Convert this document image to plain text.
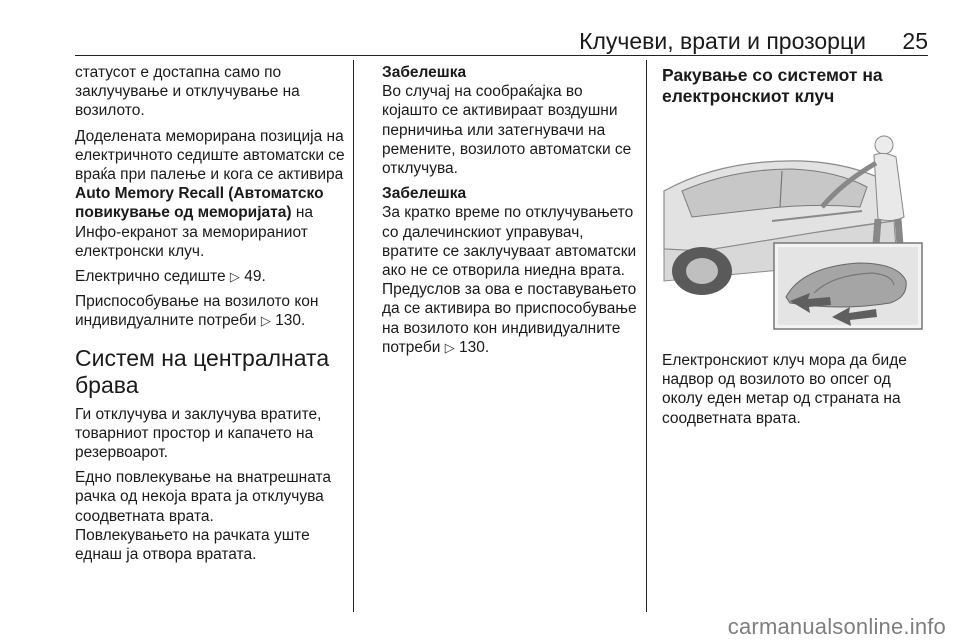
Клучеви, врати и прозорци 25

статусот е достапна само по заклучување и отклучување на возилото.

Доделената меморирана позиција на електричното седиште автоматски се враќа при палење и кога се активира Auto Memory Recall (Автоматско повикување од меморијата) на Инфо-екранот за меморираниот електронски клуч.

Електрично седиште ▷ 49.

Приспособување на возилото кон индивидуалните потреби ▷ 130.

Систем на централната брава

Ги отклучува и заклучува вратите, товарниот простор и капачето на резервоарот.

Едно повлекување на внатрешната рачка од некоја врата ја отклучува соодветната врата.

Повлекувањето на рачката уште еднаш ја отвора вратата.

Забелешка

Во случај на сообраќајка во којашто се активираат воздушни перничиња или затегнувачи на ремените, возилото автоматски се отклучува.

Забелешка

За кратко време по отклучувањето со далечинскиот управувач, вратите се заклучуваат автоматски ако не се отворила ниедна врата.

Предуслов за ова е поставувањето да се активира во приспособување на возилото кон индивидуалните потреби ▷ 130.

Ракување со системот на електронскиот клуч

Електронскиот клуч мора да биде надвор од возилото во опсег од околу еден метар од страната на соодветната врата.

carmanualsonline.info
